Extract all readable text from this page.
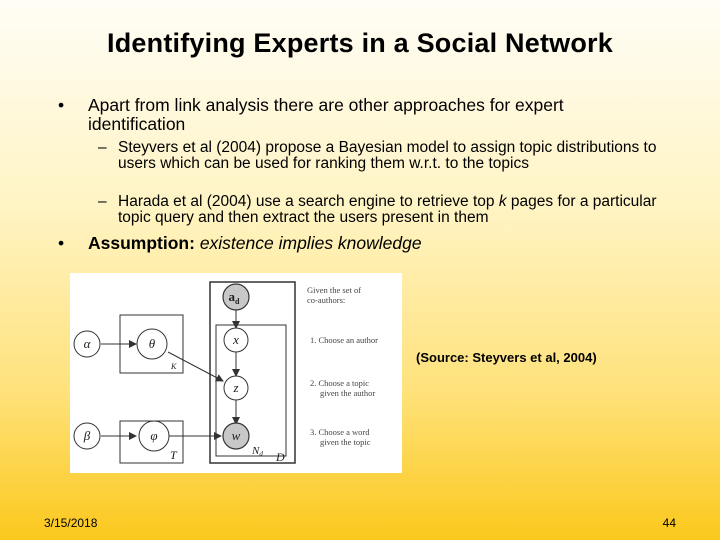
Identifying Experts in a Social Network
• Apart from link analysis there are other approaches for expert identification
– Steyvers et al (2004) propose a Bayesian model to assign topic distributions to users which can be used for ranking them w.r.t. to the topics
– Harada et al (2004) use a search engine to retrieve top k pages for a particular topic query and then extract the users present in them
• Assumption: existence implies knowledge
$a_d$
α	θ	x
z
β	φ	w
K
T	Nd D
Given the set of
co-authors:
1. Choose an author
2. Choose a topic
given the author
3. Choose a word
given the topic
(Source: Steyvers et al, 2004)
3/15/2018	44
